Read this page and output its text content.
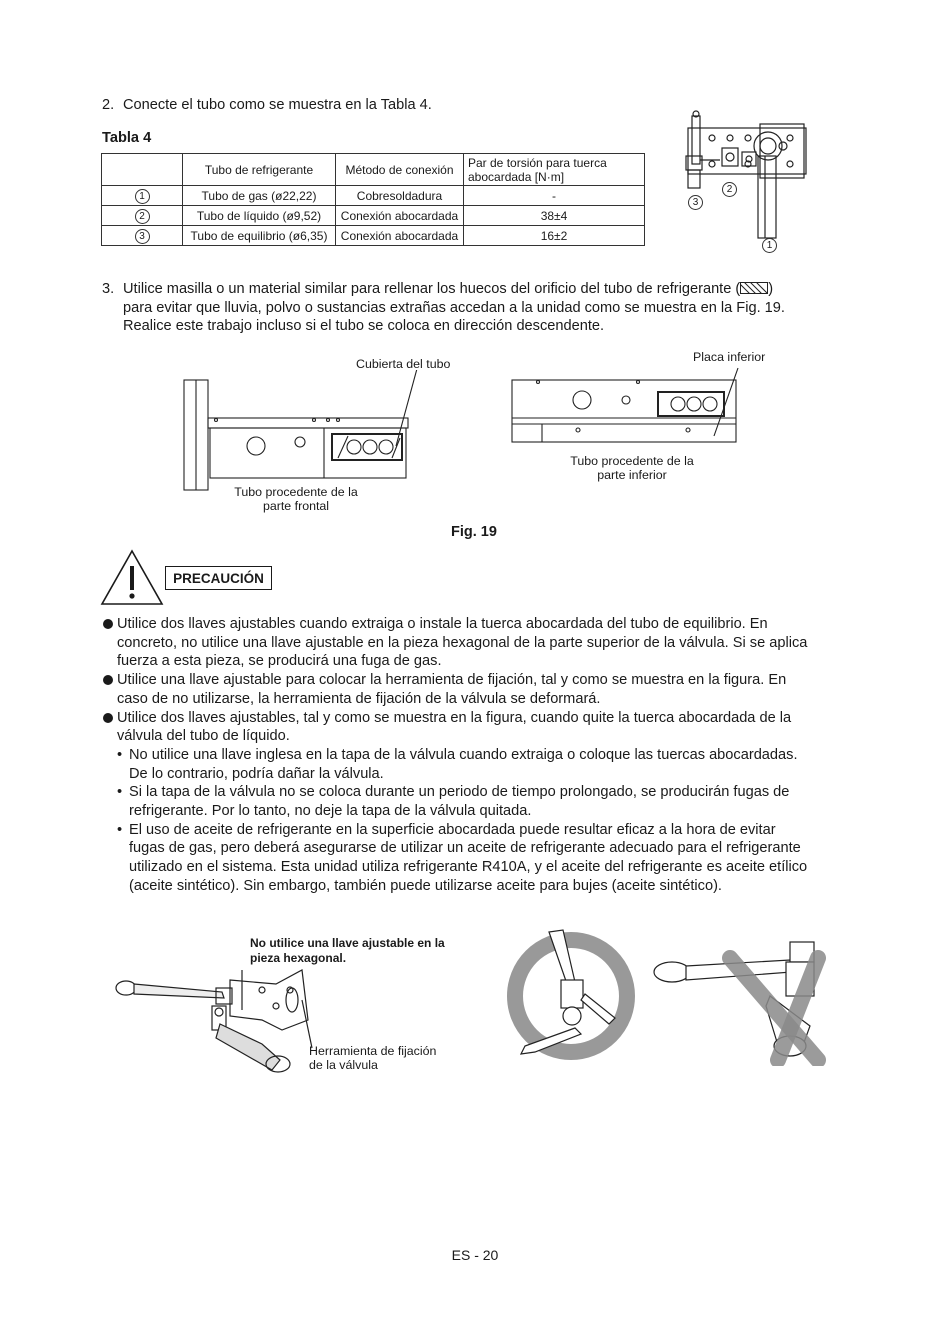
2. Conecte el tubo como se muestra en la Tabla 4.
Tabla 4
	Tubo de refrigerante	Método de conexión	Par de torsión para tuerca abocardada [N·m]
1	Tubo de gas (ø22,22)	Cobresoldadura	-
2	Tubo de líquido (ø9,52)	Conexión abocardada	38±4
3	Tubo de equilibrio (ø6,35)	Conexión abocardada	16±2
3
2
1
3. Utilice masilla o un material similar para rellenar los huecos del orificio del tubo de refrigerante ( )
para evitar que lluvia, polvo o sustancias extrañas accedan a la unidad como se muestra en la Fig. 19.
Realice este trabajo incluso si el tubo se coloca en dirección descendente.
Cubierta del tubo
Tubo procedente de la
parte frontal
Placa inferior
Tubo procedente de la
parte inferior
Fig. 19
PRECAUCIÓN
Utilice dos llaves ajustables cuando extraiga o instale la tuerca abocardada del tubo de equilibrio. En
concreto, no utilice una llave ajustable en la pieza hexagonal de la parte superior de la válvula. Si se aplica
fuerza a esta pieza, se producirá una fuga de gas.
Utilice una llave ajustable para colocar la herramienta de fijación, tal y como se muestra en la figura. En
caso de no utilizarse, la herramienta de fijación de la válvula se deformará.
Utilice dos llaves ajustables, tal y como se muestra en la figura, cuando quite la tuerca abocardada de la
válvula del tubo de líquido.
• No utilice una llave inglesa en la tapa de la válvula cuando extraiga o coloque las tuercas abocardadas.
De lo contrario, podría dañar la válvula.
• Si la tapa de la válvula no se coloca durante un periodo de tiempo prolongado, se producirán fugas de
refrigerante. Por lo tanto, no deje la tapa de la válvula quitada.
• El uso de aceite de refrigerante en la superficie abocardada puede resultar eficaz a la hora de evitar
fugas de gas, pero deberá asegurarse de utilizar un aceite de refrigerante adecuado para el refrigerante
utilizado en el sistema. Esta unidad utiliza refrigerante R410A, y el aceite del refrigerante es aceite etílico
(aceite sintético). Sin embargo, también puede utilizarse aceite para bujes (aceite sintético).
No utilice una llave ajustable en la
pieza hexagonal.
Herramienta de fijación
de la válvula
ES - 20
